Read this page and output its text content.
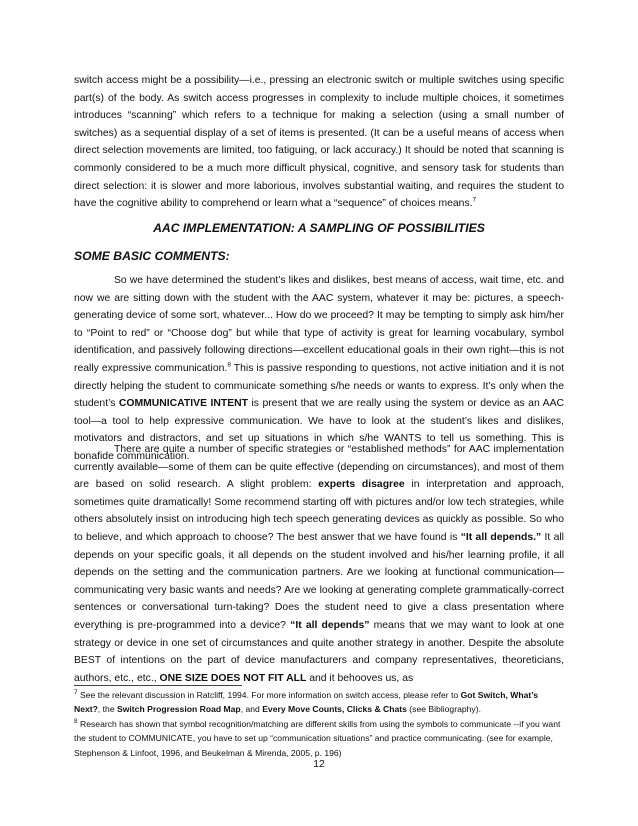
switch access might be a possibility—i.e., pressing an electronic switch or multiple switches using specific part(s) of the body. As switch access progresses in complexity to include multiple choices, it sometimes introduces “scanning” which refers to a technique for making a selection (using a small number of switches) as a sequential display of a set of items is presented. (It can be a useful means of access when direct selection movements are limited, too fatiguing, or lack accuracy.) It should be noted that scanning is commonly considered to be a much more difficult physical, cognitive, and sensory task for students than direct selection: it is slower and more laborious, involves substantial waiting, and requires the student to have the cognitive ability to comprehend or learn what a “sequence” of choices means.$^7$

AAC IMPLEMENTATION: A SAMPLING OF POSSIBILITIES
SOME BASIC COMMENTS:

So we have determined the student’s likes and dislikes, best means of access, wait time, etc. and now we are sitting down with the student with the AAC system, whatever it may be: pictures, a speech-generating device of some sort, whatever... How do we proceed? It may be tempting to simply ask him/her to “Point to red” or “Choose dog” but while that type of activity is great for learning vocabulary, symbol identification, and passively following directions—excellent educational goals in their own right—this is not really expressive communication.$^8$ This is passive responding to questions, not active initiation and it is not directly helping the student to communicate something s/he needs or wants to express. It’s only when the student’s COMMUNICATIVE INTENT is present that we are really using the system or device as an AAC tool—a tool to help expressive communication. We have to look at the student’s likes and dislikes, motivators and distractors, and set up situations in which s/he WANTS to tell us something. This is bonafide communication.

There are quite a number of specific strategies or “established methods” for AAC implementation currently available—some of them can be quite effective (depending on circumstances), and most of them are based on solid research. A slight problem: experts disagree in interpretation and approach, sometimes quite dramatically! Some recommend starting off with pictures and/or low tech strategies, while others absolutely insist on introducing high tech speech generating devices as quickly as possible. So who to believe, and which approach to choose? The best answer that we have found is “It all depends.” It all depends on your specific goals, it all depends on the student involved and his/her learning profile, it all depends on the setting and the communication partners. Are we looking at functional communication—communicating very basic wants and needs? Are we looking at generating complete grammatically-correct sentences or conversational turn-taking? Does the student need to give a class presentation where everything is pre-programmed into a device? “It all depends” means that we may want to look at one strategy or device in one set of circumstances and quite another strategy in another. Despite the absolute BEST of intentions on the part of device manufacturers and company representatives, theoreticians, authors, etc., etc., ONE SIZE DOES NOT FIT ALL and it behooves us, as

$^7$ See the relevant discussion in Ratcliff, 1994. For more information on switch access, please refer to Got Switch, What’s Next?, the Switch Progression Road Map, and Every Move Counts, Clicks & Chats (see Bibliography).

$^8$ Research has shown that symbol recognition/matching are different skills from using the symbols to communicate --if you want the student to COMMUNICATE, you have to set up “communication situations” and practice communicating. (see for example, Stephenson & Linfoot, 1996, and Beukelman & Mirenda, 2005, p. 196)

12
